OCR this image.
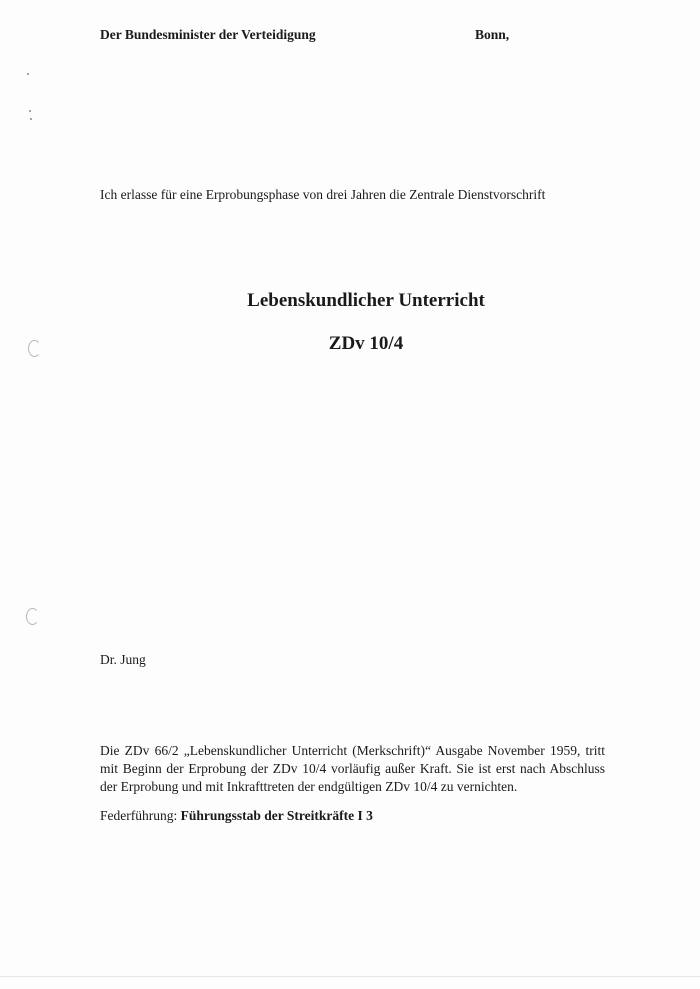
Der Bundesminister der Verteidigung	Bonn,
Ich erlasse für eine Erprobungsphase von drei Jahren die Zentrale Dienstvorschrift
Lebenskundlicher Unterricht
ZDv 10/4
Dr. Jung
Die ZDv 66/2 „Lebenskundlicher Unterricht (Merkschrift)“ Ausgabe November 1959, tritt mit Beginn der Erprobung der ZDv 10/4 vorläufig außer Kraft. Sie ist erst nach Abschluss der Erprobung und mit Inkrafttreten der endgültigen ZDv 10/4 zu vernichten.
Federführung: Führungsstab der Streitkräfte I 3
